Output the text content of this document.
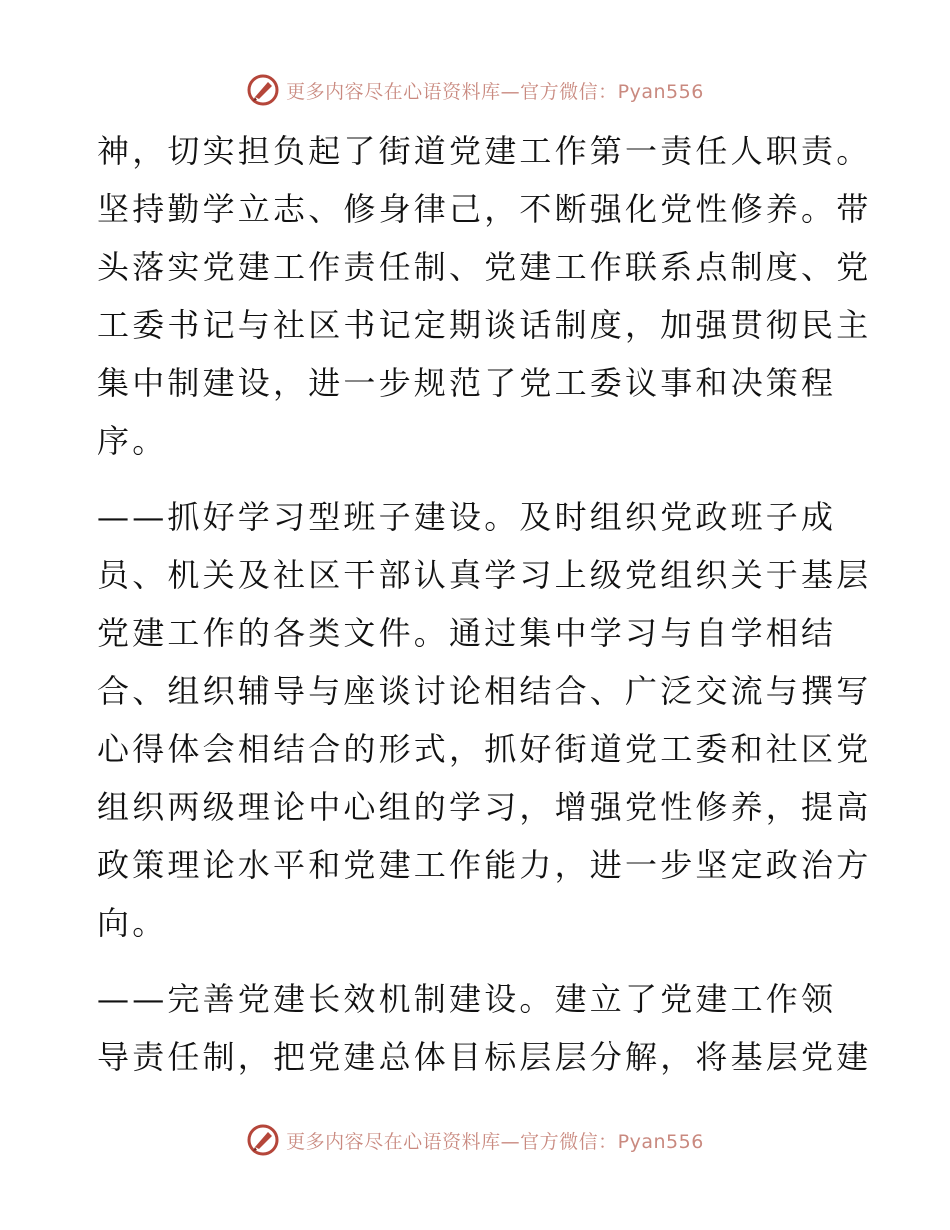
更多内容尽在心语资料库—官方微信：Pyan556
神，切实担负起了街道党建工作第一责任人职责。
坚持勤学立志、修身律己，不断强化党性修养。带
头落实党建工作责任制、党建工作联系点制度、党
工委书记与社区书记定期谈话制度，加强贯彻民主
集中制建设，进一步规范了党工委议事和决策程
序。
——抓好学习型班子建设。及时组织党政班子成
员、机关及社区干部认真学习上级党组织关于基层
党建工作的各类文件。通过集中学习与自学相结
合、组织辅导与座谈讨论相结合、广泛交流与撰写
心得体会相结合的形式，抓好街道党工委和社区党
组织两级理论中心组的学习，增强党性修养，提高
政策理论水平和党建工作能力，进一步坚定政治方
向。
——完善党建长效机制建设。建立了党建工作领
导责任制，把党建总体目标层层分解，将基层党建
更多内容尽在心语资料库—官方微信：Pyan556
